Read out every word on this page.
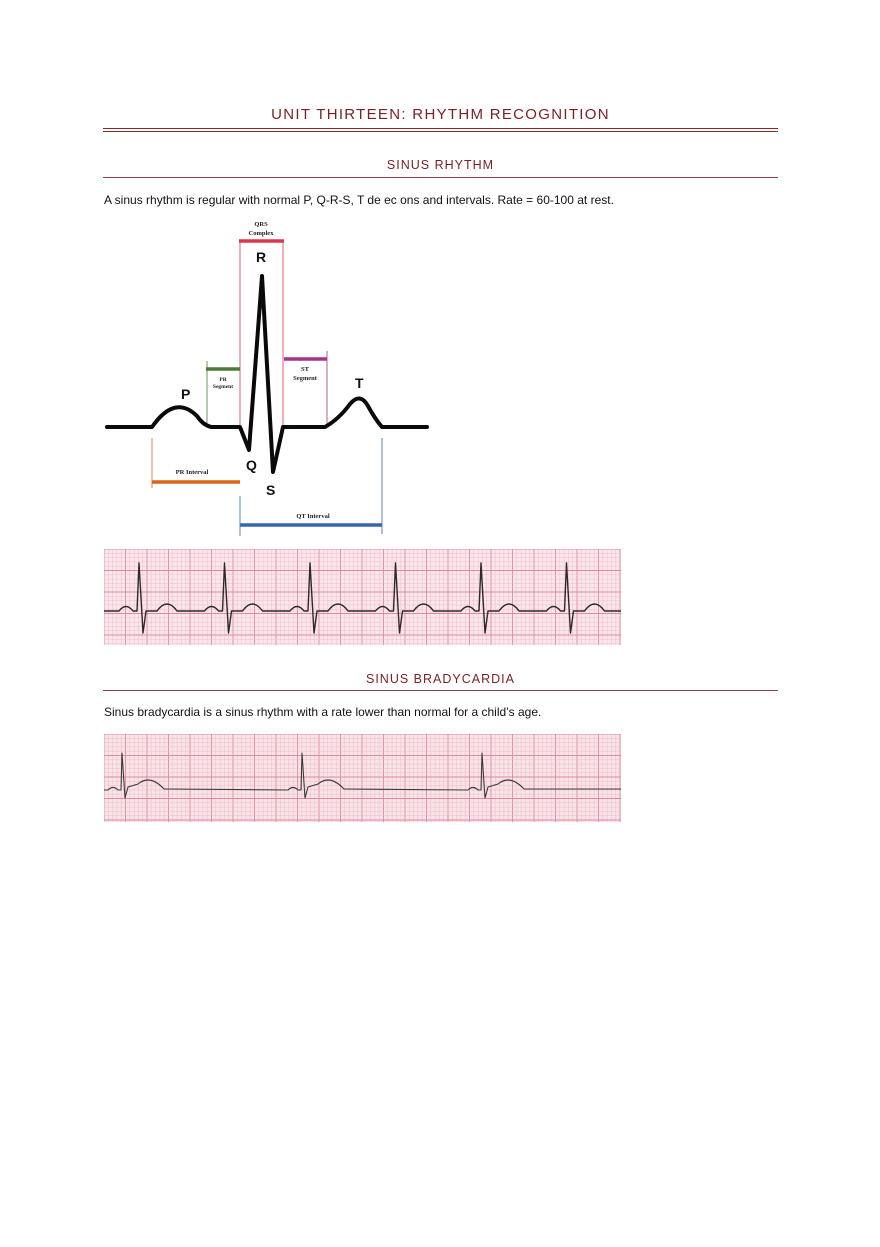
UNIT THIRTEEN: RHYTHM RECOGNITION
SINUS RHYTHM
A sinus rhythm is regular with normal P, Q-R-S, T de ec ons and intervals. Rate = 60-100 at rest.
QRS
Complex
PR
Segment
ST
Segment
P
R
T
Q
S
PR Interval
QT Interval
SINUS BRADYCARDIA
Sinus bradycardia is a sinus rhythm with a rate lower than normal for a child’s age.
